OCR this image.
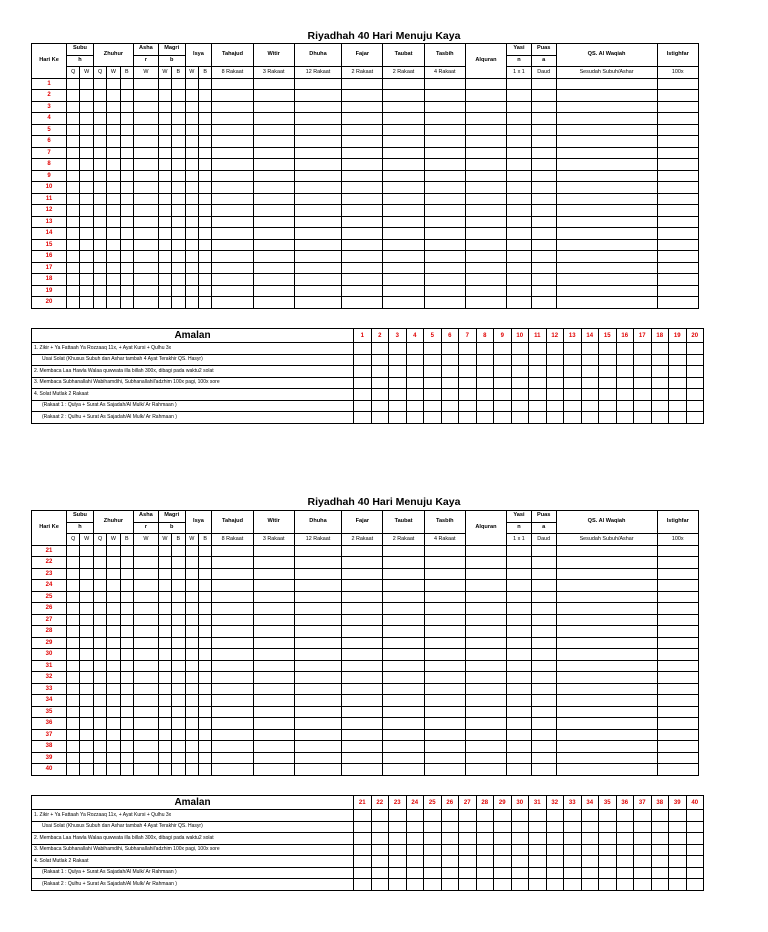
Riyadhah 40 Hari Menuju Kaya
Hari Ke	Subu		Zhuhur			Asha	Magri		Isya		Tahajud	Witir	Dhuha	Fajar	Taubat	Tasbih	Alquran	Yasi	Puas	QS. Al Waqiah	Istighfar
	h					r	b											n	a		
	Q	W	Q	W	B	W	W	B	W	B	8 Rakaat	3 Rakaat	12 Rakaat	2 Rakaat	2 Rakaat	4 Rakaat		1 x 1	Daud	Sesudah Subuh/Ashar	100x
1																					
2																					
3																					
4																					
5																					
6																					
7																					
8																					
9																					
10																					
11																					
12																					
13																					
14																					
15																					
16																					
17																					
18																					
19																					
20																					
Amalan	1	2	3	4	5	6	7	8	9	10	11	12	13	14	15	16	17	18	19	20
1. Zikir + Ya Fattaah Ya Rozzaaq 11x, + Ayat Kursi + Qulhu 3x																				
Usai Solat (Khusus Subuh dan Ashar tambah 4 Ayat Terakhir QS. Hasyr)																				
2. Membaca Laa Hawla Walaa quwwata illa billah 300x, dibagi pada waktu2 solat																				
3. Membaca Subhanallahi Wabihamdihi, Subhanallahil'adzhim 100x pagi, 100x sore																				
4. Solat Mutlak 2 Rakaat																				
(Rakaat 1 : Qulya + Surat As Sajadah/Al Mulk/ Ar Rahmaan )																				
(Rakaat 2 : Qulhu + Surat As Sajadah/Al Mulk/ Ar Rahmaan )																				
Riyadhah 40 Hari Menuju Kaya
Hari Ke	Subu		Zhuhur			Asha	Magri		Isya		Tahajud	Witir	Dhuha	Fajar	Taubat	Tasbih	Alquran	Yasi	Puas	QS. Al Waqiah	Istighfar
	h					r	b											n	a		
	Q	W	Q	W	B	W	W	B	W	B	8 Rakaat	3 Rakaat	12 Rakaat	2 Rakaat	2 Rakaat	4 Rakaat		1 x 1	Daud	Sesudah Subuh/Ashar	100x
21																					
22																					
23																					
24																					
25																					
26																					
27																					
28																					
29																					
30																					
31																					
32																					
33																					
34																					
35																					
36																					
37																					
38																					
39																					
40																					
Amalan	21	22	23	24	25	26	27	28	29	30	31	32	33	34	35	36	37	38	39	40
1. Zikir + Ya Fattaah Ya Rozzaaq 11x, + Ayat Kursi + Qulhu 3x																				
Usai Solat (Khusus Subuh dan Ashar tambah 4 Ayat Terakhir QS. Hasyr)																				
2. Membaca Laa Hawla Walaa quwwata illa billah 300x, dibagi pada waktu2 solat																				
3. Membaca Subhanallahi Wabihamdihi, Subhanallahil'adzhim 100x pagi, 100x sore																				
4. Solat Mutlak 2 Rakaat																				
(Rakaat 1 : Qulya + Surat As Sajadah/Al Mulk/ Ar Rahmaan )																				
(Rakaat 2 : Qulhu + Surat As Sajadah/Al Mulk/ Ar Rahmaan )																				
